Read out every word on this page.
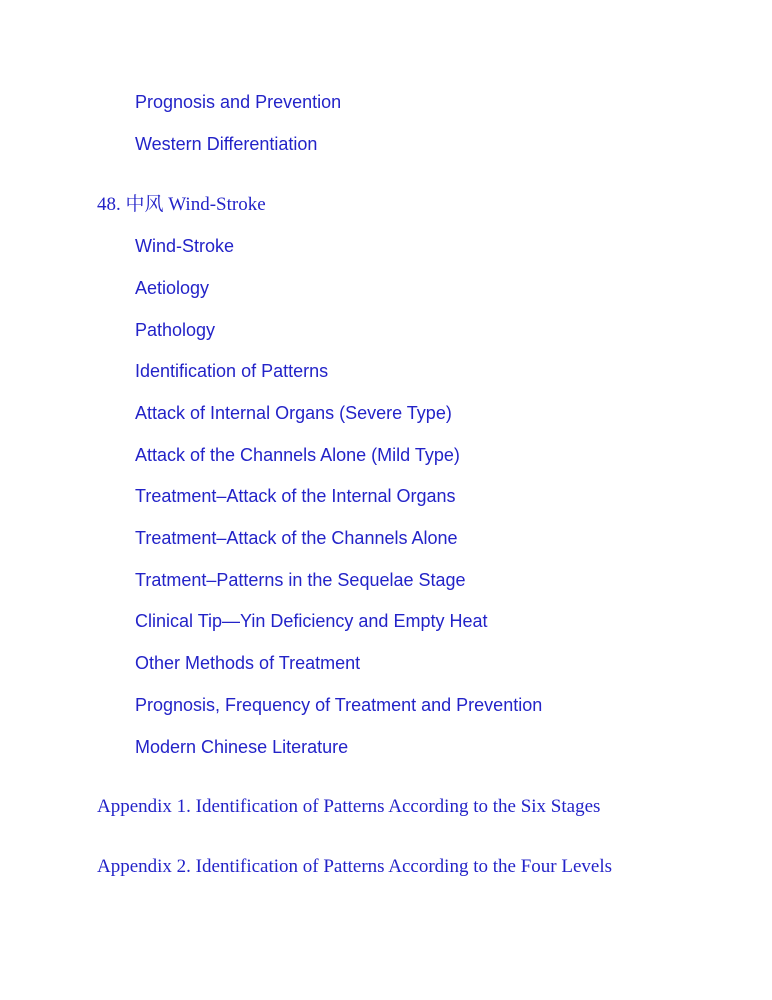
Prognosis and Prevention
Western Differentiation
48. 中风 Wind-Stroke
Wind-Stroke
Aetiology
Pathology
Identification of Patterns
Attack of Internal Organs (Severe Type)
Attack of the Channels Alone (Mild Type)
Treatment–Attack of the Internal Organs
Treatment–Attack of the Channels Alone
Tratment–Patterns in the Sequelae Stage
Clinical Tip—Yin Deficiency and Empty Heat
Other Methods of Treatment
Prognosis, Frequency of Treatment and Prevention
Modern Chinese Literature
Appendix 1. Identification of Patterns According to the Six Stages
Appendix 2. Identification of Patterns According to the Four Levels
